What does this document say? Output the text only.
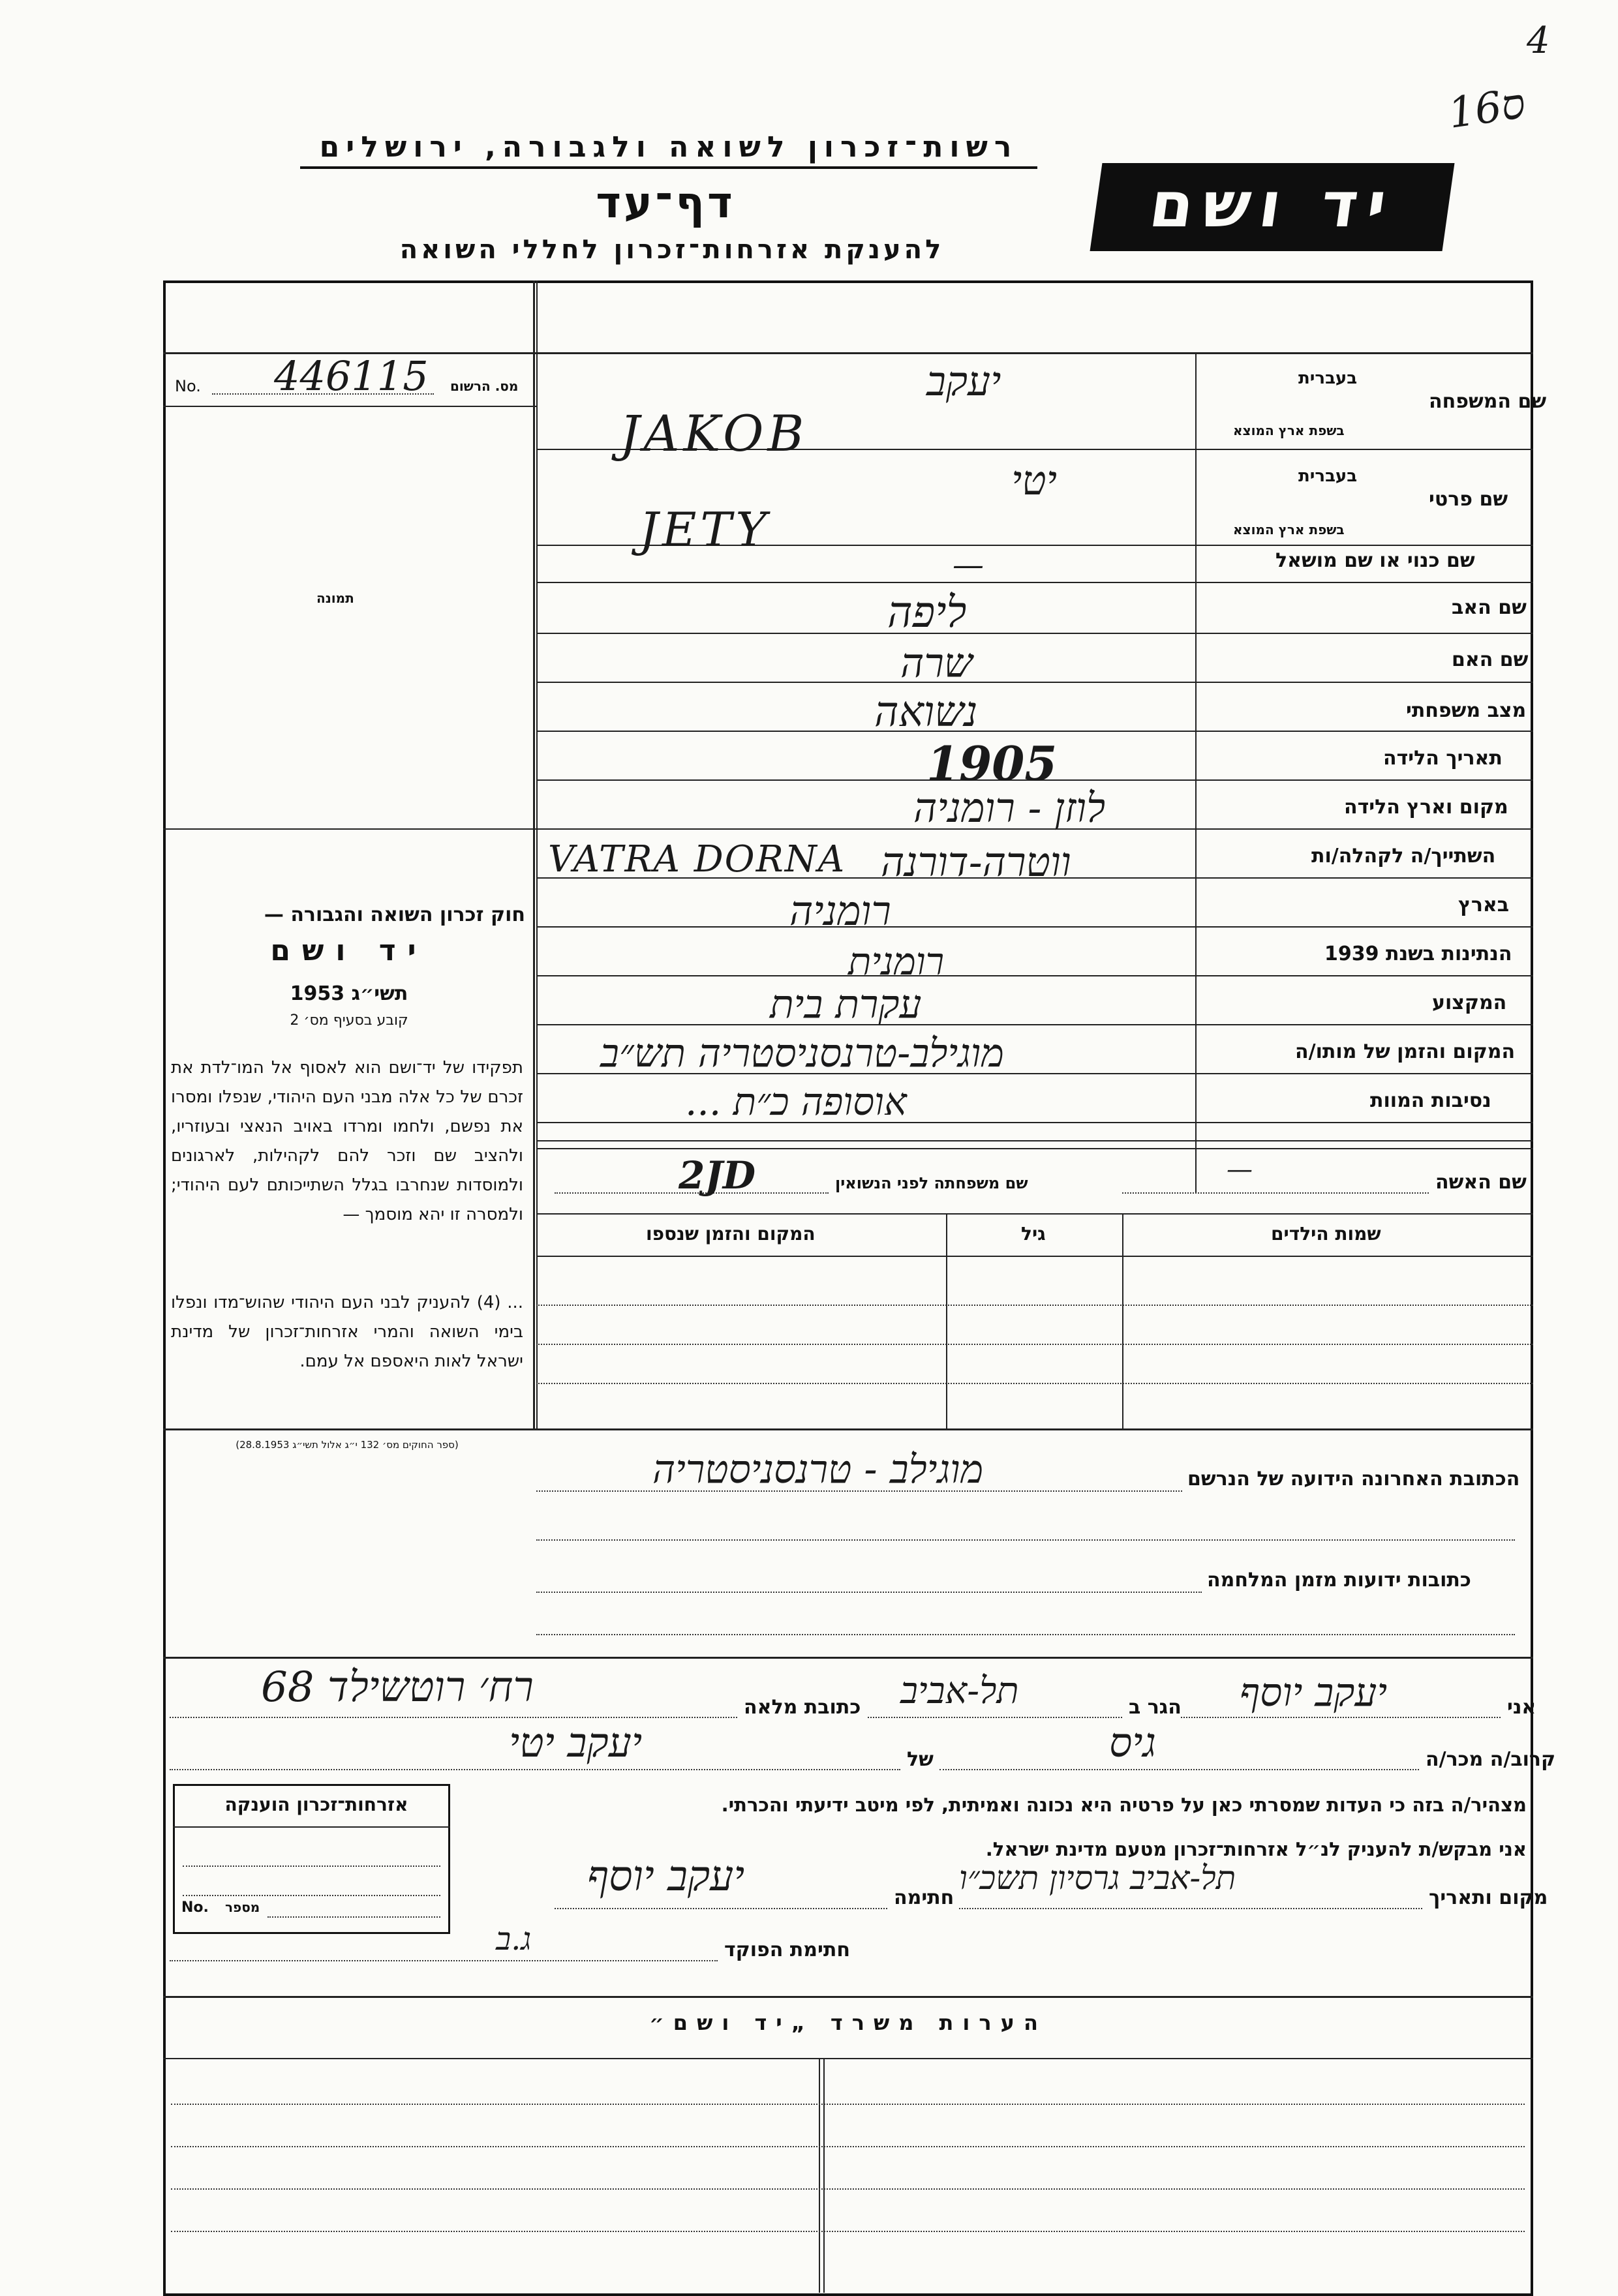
4
16ס
רשות־זכרון לשואה ולגבורה, ירושלים
דף־עד
להענקת אזרחות־זכרון לחללי השואה
יד ושם
No. 446115 מס. הרשום
תמונה
חוק זכרון השואה והגבורה —
יד ושם
תשי״ג 1953
קובע בסעיף מס׳ 2
תפקידו של יד־ושם הוא לאסוף אל המו־לדת את זכרם של כל אלה מבני העם היהודי, שנפלו ומסרו את נפשם, ולחמו ומרדו באויב הנאצי ובעוזריו, ולהציב שם וזכר להם לקהילות, לארגונים ולמוסדות שנחרבו בגלל השתייכותם לעם היהודי; ולמסרה זו יהא מוסמך —
... (4) להעניק לבני העם היהודי שהוש־מדו ונפלו בימי השואה והמרי אזרחות־זכרון של מדינת ישראל לאות היאספם אל עמם.
(ספר החוקים מס׳ 132 י״ג אלול תשי״ג 28.8.1953)
בעברית
שם המשפחה
בשפת ארץ המוצא
בעברית
שם פרטי
בשפת ארץ המוצא
שם כנוי או שם מושאל
שם האב
שם האם
מצב משפחתי
תאריך הלידה
מקום וארץ הלידה
השתייך/ה לקהלה/ות
בארץ
הנתינות בשנת 1939
המקצוע
המקום והזמן של מותו/ה
נסיבות המוות
יעקב
JAKOB
יטי
JETY
—
ליפה
שרה
נשואה
1905
לוזן - רומניה
VATRA DORNA ווטרה-דורנה
רומניה
רומנית
עקרת בית
מוגילב-טרנסניסטריה תש״ב
אוסופה כ״ת ...
שם האשה
—
שם משפחתה לפני הנשואין
2JD
שמות הילדים
גיל
המקום והזמן שנספו
הכתובת האחרונה הידועה של הנרשם
מוגילב - טרנסניסטריה
כתובות ידועות מזמן המלחמה
אני
יעקב יוסף
הגר ב
תל-אביב
כתובת מלאה
רח׳ רוטשילד 68
קרוב/ה מכר/ה
גיס
של
יעקב יטי
מצהיר/ה בזה כי העדות שמסרתי כאן על פרטיה היא נכונה ואמיתית, לפי מיטב ידיעתי והכרתי.
אני מבקש/ת להעניק לנ״ל אזרחות־זכרון מטעם מדינת ישראל.
מקום ותאריך
תל-אביב גרסיון תשכ״ו
חתימה
יעקב יוסף
חתימת הפוקד
ג.ב
אזרחות־זכרון הוענקה
No. מספר
הערות משרד „יד ושם״
